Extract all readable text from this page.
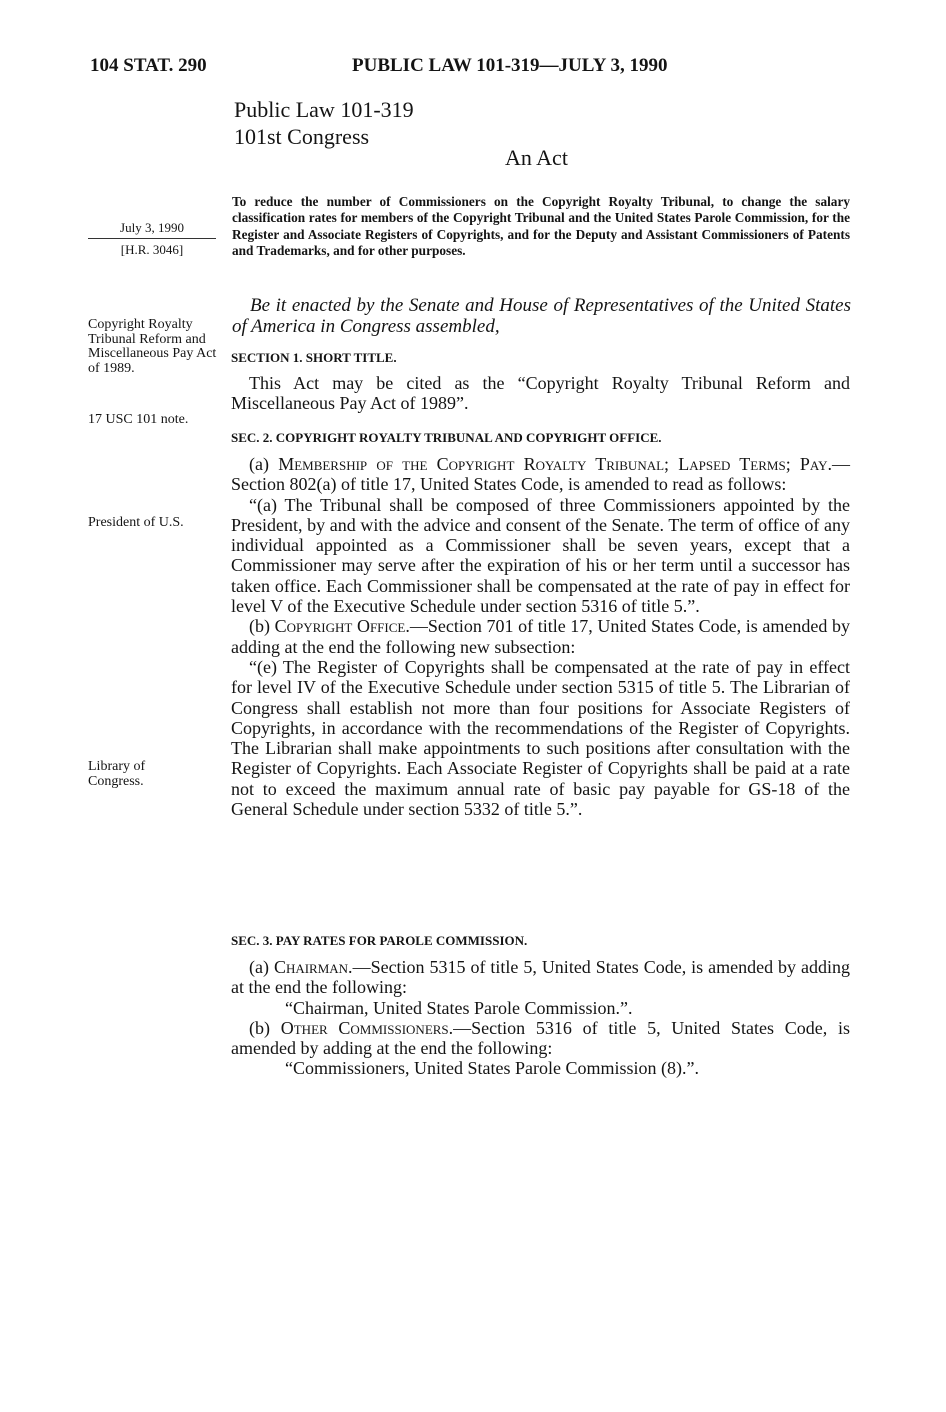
104 STAT. 290	PUBLIC LAW 101-319—JULY 3, 1990
Public Law 101-319
101st Congress
An Act
To reduce the number of Commissioners on the Copyright Royalty Tribunal, to change the salary classification rates for members of the Copyright Tribunal and the United States Parole Commission, for the Register and Associate Registers of Copyrights, and for the Deputy and Assistant Commissioners of Patents and Trademarks, and for other purposes.
July 3, 1990
[H.R. 3046]
Copyright Royalty Tribunal Reform and Miscellaneous Pay Act of 1989.
17 USC 101 note.
President of U.S.
Library of Congress.
Be it enacted by the Senate and House of Representatives of the United States of America in Congress assembled,
SECTION 1. SHORT TITLE.
This Act may be cited as the “Copyright Royalty Tribunal Reform and Miscellaneous Pay Act of 1989”.
SEC. 2. COPYRIGHT ROYALTY TRIBUNAL AND COPYRIGHT OFFICE.

(a) Membership of the Copyright Royalty Tribunal; Lapsed Terms; Pay.—Section 802(a) of title 17, United States Code, is amended to read as follows:

“(a) The Tribunal shall be composed of three Commissioners appointed by the President, by and with the advice and consent of the Senate. The term of office of any individual appointed as a Commissioner shall be seven years, except that a Commissioner may serve after the expiration of his or her term until a successor has taken office. Each Commissioner shall be compensated at the rate of pay in effect for level V of the Executive Schedule under section 5316 of title 5.”.

(b) Copyright Office.—Section 701 of title 17, United States Code, is amended by adding at the end the following new subsection:

“(e) The Register of Copyrights shall be compensated at the rate of pay in effect for level IV of the Executive Schedule under section 5315 of title 5. The Librarian of Congress shall establish not more than four positions for Associate Registers of Copyrights, in accordance with the recommendations of the Register of Copyrights. The Librarian shall make appointments to such positions after consultation with the Register of Copyrights. Each Associate Register of Copyrights shall be paid at a rate not to exceed the maximum annual rate of basic pay payable for GS-18 of the General Schedule under section 5332 of title 5.”.

SEC. 3. PAY RATES FOR PAROLE COMMISSION.

(a) Chairman.—Section 5315 of title 5, United States Code, is amended by adding at the end the following:

“Chairman, United States Parole Commission.”.

(b) Other Commissioners.—Section 5316 of title 5, United States Code, is amended by adding at the end the following:

“Commissioners, United States Parole Commission (8).”.
